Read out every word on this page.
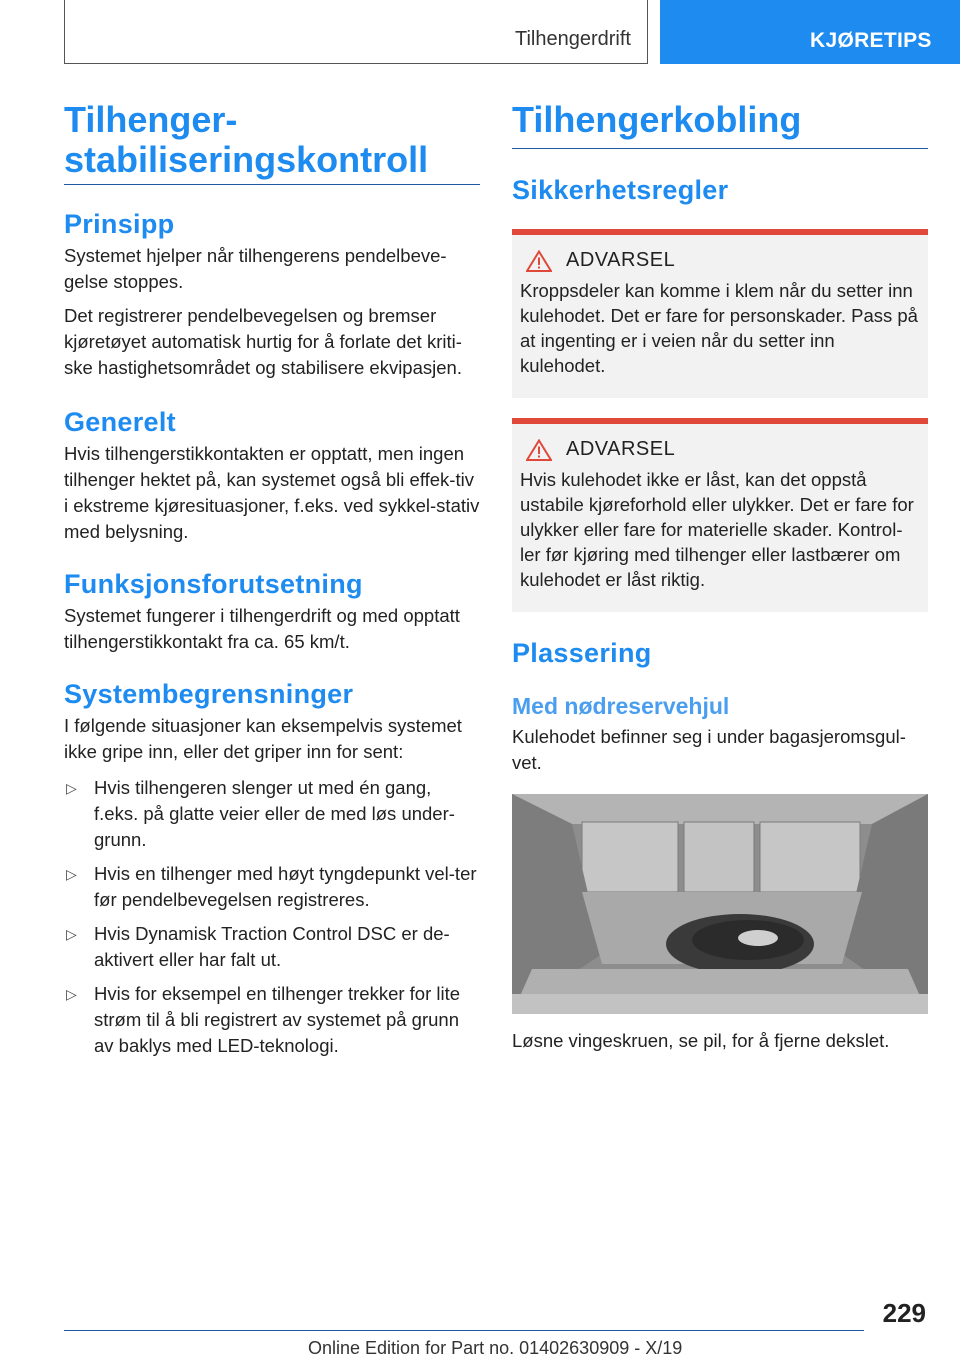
Tilhengerdrift	KJØRETIPS
Tilhenger-
stabiliseringskontroll
Prinsipp

Systemet hjelper når tilhengerens pendelbeve-gelse stoppes.

Det registrerer pendelbevegelsen og bremser kjøretøyet automatisk hurtig for å forlate det kriti-ske hastighetsområdet og stabilisere ekvipasjen.

Generelt

Hvis tilhengerstikkontakten er opptatt, men ingen tilhenger hektet på, kan systemet også bli effek-tiv i ekstreme kjøresituasjoner, f.eks. ved sykkel-stativ med belysning.

Funksjonsforutsetning

Systemet fungerer i tilhengerdrift og med opptatt tilhengerstikkontakt fra ca. 65 km/t.

Systembegrensninger

I følgende situasjoner kan eksempelvis systemet ikke gripe inn, eller det griper inn for sent:

▷ Hvis tilhengeren slenger ut med én gang, f.eks. på glatte veier eller de med løs under-grunn.
▷ Hvis en tilhenger med høyt tyngdepunkt vel-ter før pendelbevegelsen registreres.
▷ Hvis Dynamisk Traction Control DSC er de-aktivert eller har falt ut.
▷ Hvis for eksempel en tilhenger trekker for lite strøm til å bli registrert av systemet på grunn av baklys med LED-teknologi.
Tilhengerkobling
Sikkerhetsregler
ADVARSEL

Kroppsdeler kan komme i klem når du setter inn kulehodet. Det er fare for personskader. Pass på at ingenting er i veien når du setter inn kulehodet.

ADVARSEL

Hvis kulehodet ikke er låst, kan det oppstå ustabile kjøreforhold eller ulykker. Det er fare for ulykker eller fare for materielle skader. Kontrol-ler før kjøring med tilhenger eller lastbærer om kulehodet er låst riktig.

Plassering
Med nødreservehjul

Kulehodet befinner seg i under bagasjeromsgul-vet.

Løsne vingeskruen, se pil, for å fjerne dekslet.

229
Online Edition for Part no. 01402630909 - X/19
